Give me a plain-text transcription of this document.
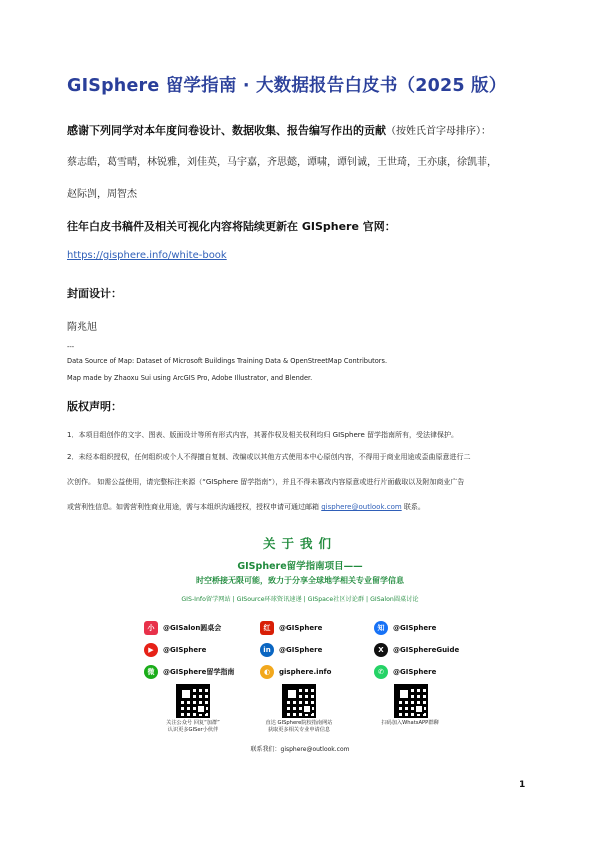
GISphere 留学指南 · 大数据报告白皮书（2025 版）
感谢下列同学对本年度问卷设计、数据收集、报告编写作出的贡献（按姓氏首字母排序）：
蔡志皓，葛雪晴，林锐雅，刘佳英，马宇嘉，齐思懿，谭啸，谭钊诚，王世琦，王亦康，徐凯菲，
赵际剀，周智杰
往年白皮书稿件及相关可视化内容将陆续更新在 GISphere 官网：
https://gisphere.info/white-book
封面设计：
隋兆旭
---
Data Source of Map: Dataset of Microsoft Buildings Training Data & OpenStreetMap Contributors.
Map made by Zhaoxu Sui using ArcGIS Pro, Adobe Illustrator, and Blender.
版权声明：
1．本项目组创作的文字、图表、版面设计等所有形式内容，其著作权及相关权利均归 GISphere 留学指南所有，受法律保护。
2．未经本组织授权，任何组织或个人不得擅自复制、改编或以其他方式使用本中心原创内容，不得用于商业用途或歪曲原意进行二
次创作。 如需公益使用，请完整标注来源（“GISphere 留学指南”），并且不得未篡改内容原意或进行片面截取以及附加商业广告
或营利性信息。如需营利性商业用途，需与本组织沟通授权，授权申请可通过邮箱 gisphere@outlook.com 联系。
关于我们
GISphere留学指南项目——
时空桥接无限可能，致力于分享全球地学相关专业留学信息
GIS-Info留学网站 | GISource环球资讯速递 | GISpace社区讨论群 | GISalon圆桌讨论
小	@GISalon圆桌会	红	@GISphere	知	@GISphere
▶	@GISphere	in	@GISphere	X	@GISphereGuide
微	@GISphere留学指南	◐	gisphere.info	✆	@GISphere
关注公众号 回复“加群”
认识更多GISer小伙伴
直达 GISphere院校指南网站
获取更多相关专业申请信息
扫码加入WhatsAPP群聊
联系我们：gisphere@outlook.com
1
